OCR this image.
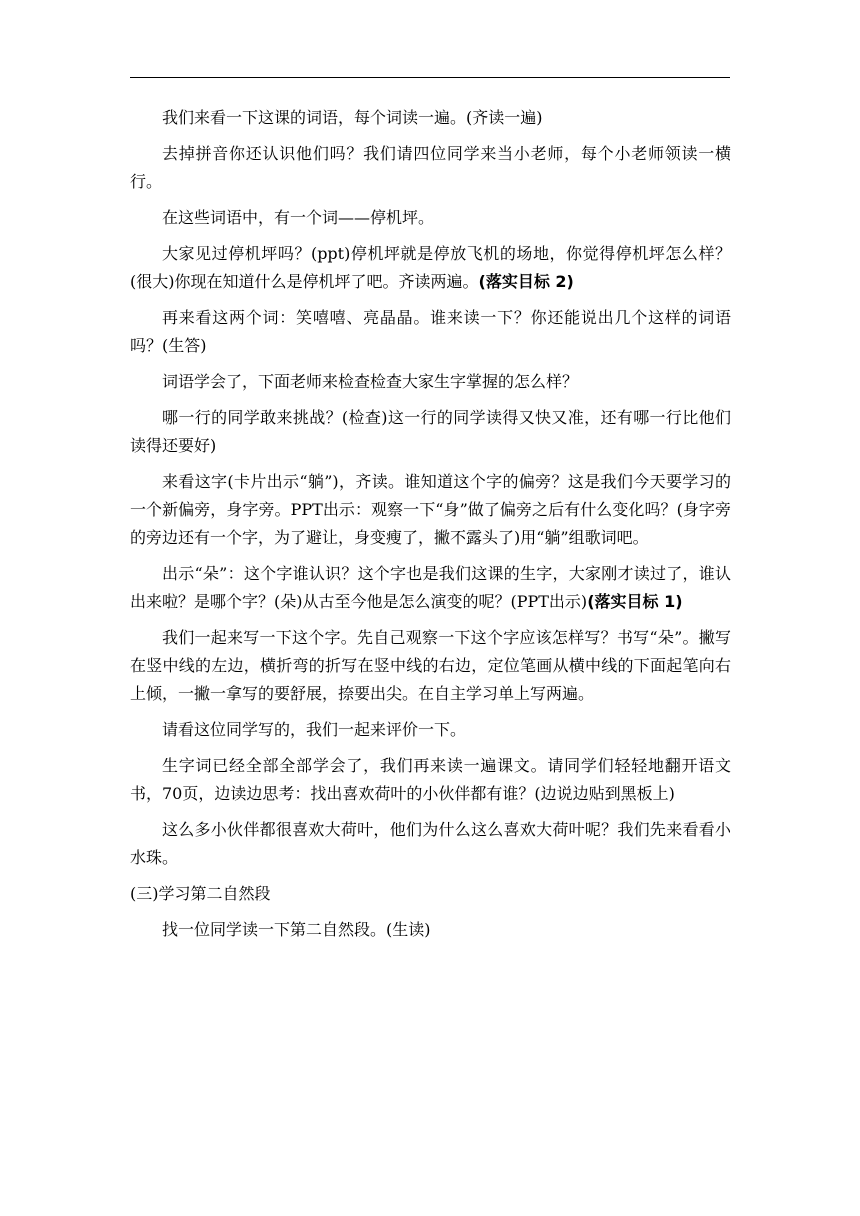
我们来看一下这课的词语，每个词读一遍。(齐读一遍)
去掉拼音你还认识他们吗？我们请四位同学来当小老师，每个小老师领读一横行。
在这些词语中，有一个词——停机坪。
大家见过停机坪吗？(ppt)停机坪就是停放飞机的场地，你觉得停机坪怎么样？(很大)你现在知道什么是停机坪了吧。齐读两遍。(落实目标 2)
再来看这两个词：笑嘻嘻、亮晶晶。谁来读一下？你还能说出几个这样的词语吗？(生答)
词语学会了，下面老师来检查检查大家生字掌握的怎么样？
哪一行的同学敢来挑战？(检查)这一行的同学读得又快又准，还有哪一行比他们读得还要好)
来看这字(卡片出示“躺”)，齐读。谁知道这个字的偏旁？这是我们今天要学习的一个新偏旁，身字旁。PPT出示：观察一下“身”做了偏旁之后有什么变化吗？(身字旁的旁边还有一个字，为了避让，身变瘦了，撇不露头了)用“躺”组歌词吧。
出示“朵”：这个字谁认识？这个字也是我们这课的生字，大家刚才读过了，谁认出来啦？是哪个字？(朵)从古至今他是怎么演变的呢？(PPT出示)(落实目标 1)
我们一起来写一下这个字。先自己观察一下这个字应该怎样写？书写“朵”。撇写在竖中线的左边，横折弯的折写在竖中线的右边，定位笔画从横中线的下面起笔向右上倾，一撇一拿写的要舒展，捺要出尖。在自主学习单上写两遍。
请看这位同学写的，我们一起来评价一下。
生字词已经全部全部学会了，我们再来读一遍课文。请同学们轻轻地翻开语文书，70页，边读边思考：找出喜欢荷叶的小伙伴都有谁？(边说边贴到黑板上)
这么多小伙伴都很喜欢大荷叶，他们为什么这么喜欢大荷叶呢？我们先来看看小水珠。
(三)学习第二自然段
找一位同学读一下第二自然段。(生读)
